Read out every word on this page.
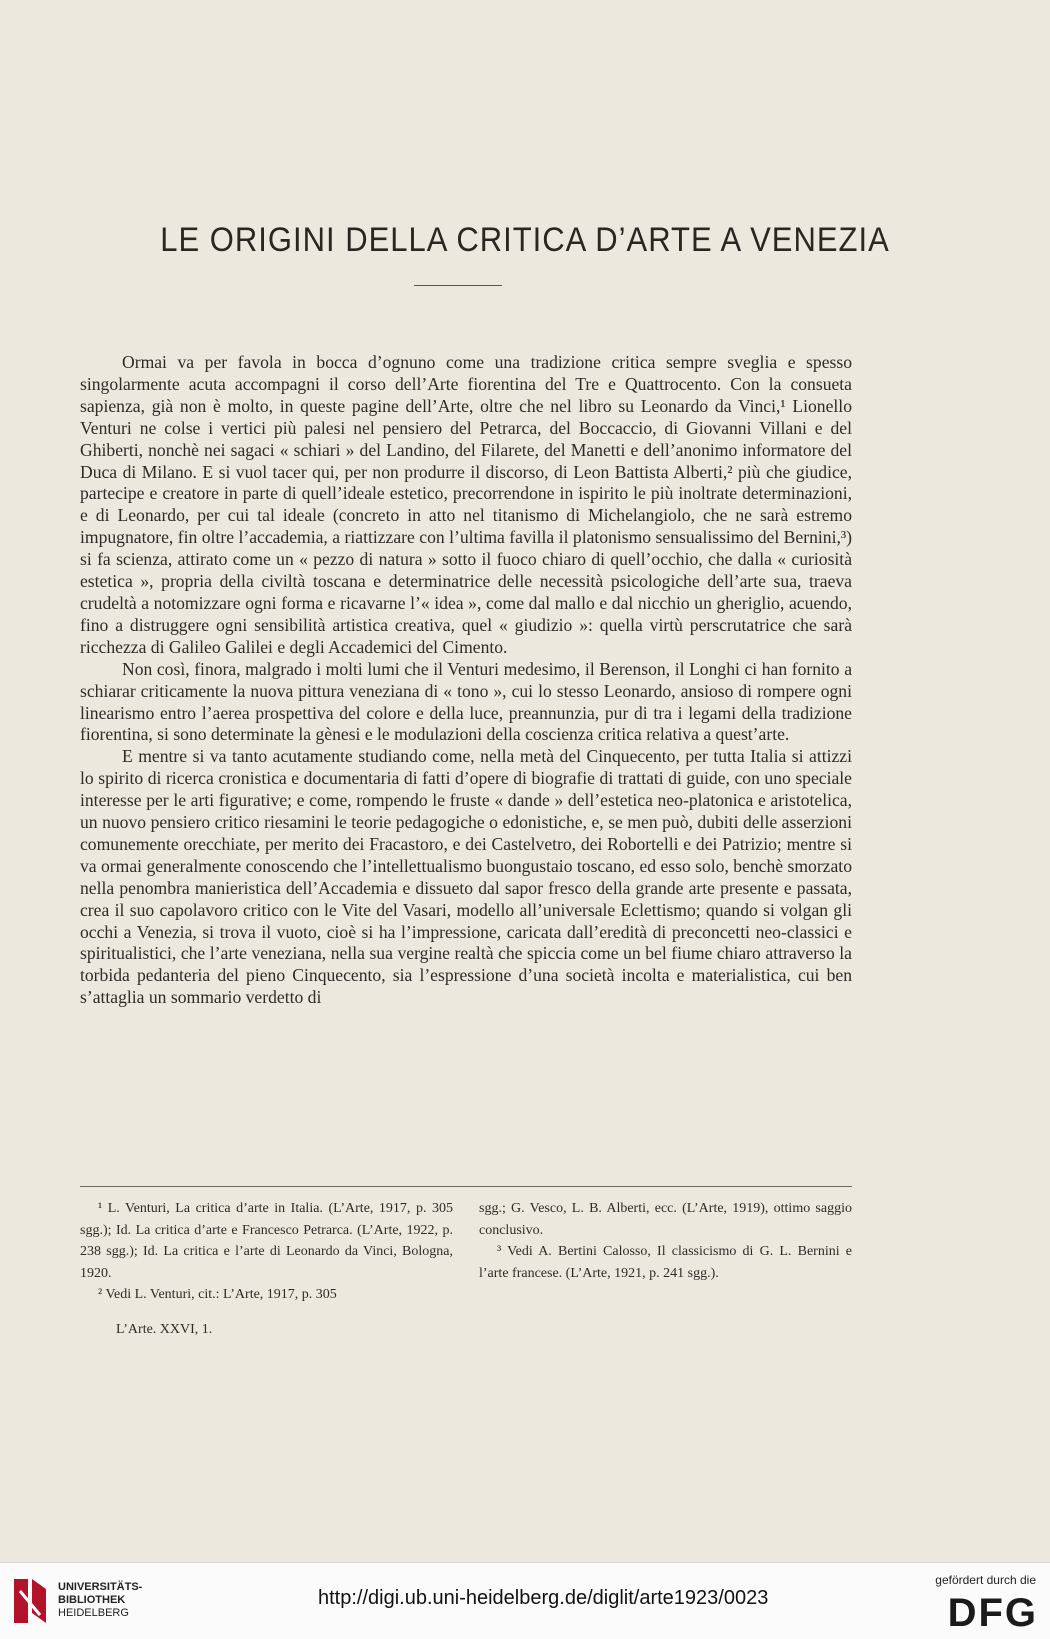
LE ORIGINI DELLA CRITICA D’ARTE A VENEZIA

Ormai va per favola in bocca d’ognuno come una tradizione critica sempre sveglia e spesso singolarmente acuta accompagni il corso dell’Arte fiorentina del Tre e Quattrocento. Con la consueta sapienza, già non è molto, in queste pagine dell’Arte, oltre che nel libro su Leonardo da Vinci,¹ Lionello Venturi ne colse i vertici più palesi nel pensiero del Petrarca, del Boccaccio, di Giovanni Villani e del Ghiberti, nonchè nei sagaci « schiari » del Landino, del Filarete, del Manetti e dell’anonimo informatore del Duca di Milano. E si vuol tacer qui, per non produrre il discorso, di Leon Battista Alberti,² più che giudice, partecipe e creatore in parte di quell’ideale estetico, precorrendone in ispirito le più inoltrate determinazioni, e di Leonardo, per cui tal ideale (concreto in atto nel titanismo di Michelangiolo, che ne sarà estremo impugnatore, fin oltre l’accademia, a riattizzare con l’ultima favilla il platonismo sensualissimo del Bernini,³) si fa scienza, attirato come un « pezzo di natura » sotto il fuoco chiaro di quell’occhio, che dalla « curiosità estetica », propria della civiltà toscana e determinatrice delle necessità psicologiche dell’arte sua, traeva crudeltà a notomizzare ogni forma e ricavarne l’« idea », come dal mallo e dal nicchio un gheriglio, acuendo, fino a distruggere ogni sensibilità artistica creativa, quel « giudizio »: quella virtù perscrutatrice che sarà ricchezza di Galileo Galilei e degli Accademici del Cimento.

Non così, finora, malgrado i molti lumi che il Venturi medesimo, il Berenson, il Longhi ci han fornito a schiarar criticamente la nuova pittura veneziana di « tono », cui lo stesso Leonardo, ansioso di rompere ogni linearismo entro l’aerea prospettiva del colore e della luce, preannunzia, pur di tra i legami della tradizione fiorentina, si sono determinate la gènesi e le modulazioni della coscienza critica relativa a quest’arte.

E mentre si va tanto acutamente studiando come, nella metà del Cinquecento, per tutta Italia si attizzi lo spirito di ricerca cronistica e documentaria di fatti d’opere di biografie di trattati di guide, con uno speciale interesse per le arti figurative; e come, rompendo le fruste « dande » dell’estetica neo-platonica e aristotelica, un nuovo pensiero critico riesamini le teorie pedagogiche o edonistiche, e, se men può, dubiti delle asserzioni comunemente orecchiate, per merito dei Fracastoro, e dei Castelvetro, dei Robortelli e dei Patrizio; mentre si va ormai generalmente conoscendo che l’intellettualismo buongustaio toscano, ed esso solo, benchè smorzato nella penombra manieristica dell’Accademia e dissueto dal sapor fresco della grande arte presente e passata, crea il suo capolavoro critico con le Vite del Vasari, modello all’universale Eclettismo; quando si volgan gli occhi a Venezia, si trova il vuoto, cioè si ha l’impressione, caricata dall’eredità di preconcetti neo-classici e spiritualistici, che l’arte veneziana, nella sua vergine realtà che spiccia come un bel fiume chiaro attraverso la torbida pedanteria del pieno Cinquecento, sia l’espressione d’una società incolta e materialistica, cui ben s’attaglia un sommario verdetto di

¹ L. Venturi, La critica d’arte in Italia. (L’Arte, 1917, p. 305 sgg.); Id. La critica d’arte e Francesco Petrarca. (L’Arte, 1922, p. 238 sgg.); Id. La critica e l’arte di Leonardo da Vinci, Bologna, 1920.

² Vedi L. Venturi, cit.: L’Arte, 1917, p. 305

sgg.; G. Vesco, L. B. Alberti, ecc. (L’Arte, 1919), ottimo saggio conclusivo.

³ Vedi A. Bertini Calosso, Il classicismo di G. L. Bernini e l’arte francese. (L’Arte, 1921, p. 241 sgg.).

L’Arte. XXVI, 1.
UNIVERSITÄTS-
BIBLIOTHEK
HEIDELBERG
http://digi.ub.uni-heidelberg.de/diglit/arte1923/0023
gefördert durch die
DFG
